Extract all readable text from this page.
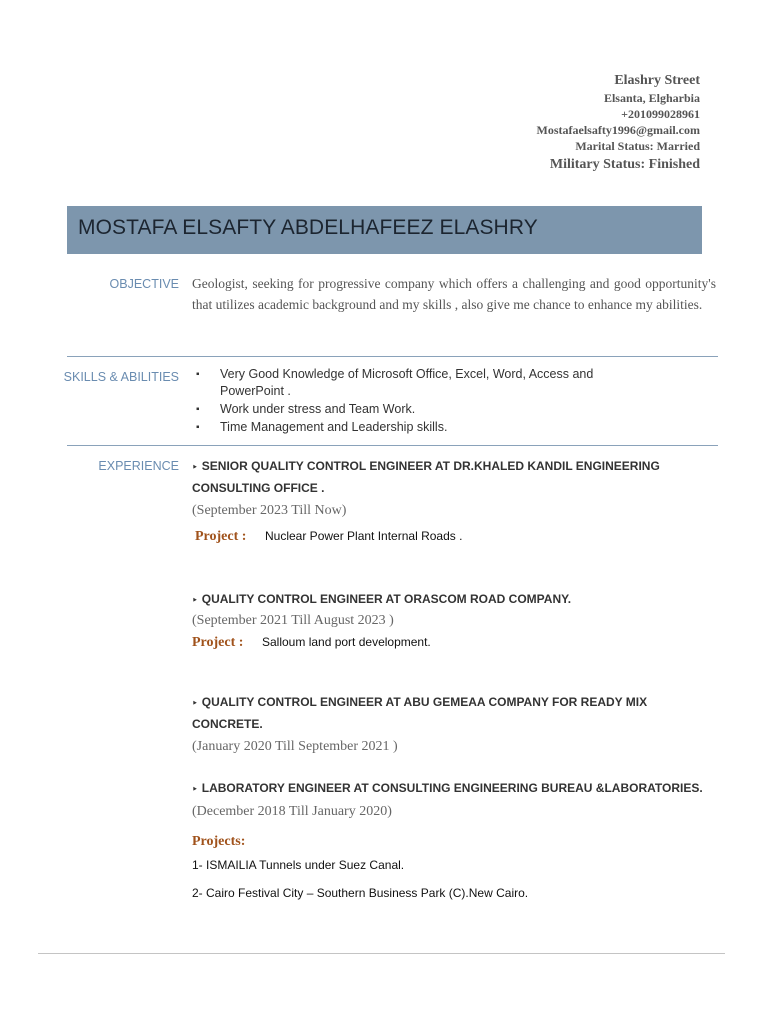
Elashry Street
Elsanta, Elgharbia
+201099028961
Mostafaelsafty1996@gmail.com
Marital Status: Married
Military Status: Finished
MOSTAFA ELSAFTY ABDELHAFEEZ ELASHRY
OBJECTIVE Geologist, seeking for progressive company which offers a challenging and good opportunity's that utilizes academic background and my skills , also give me chance to enhance my abilities.
SKILLS & ABILITIES ▪ Very Good Knowledge of Microsoft Office, Excel, Word, Access and PowerPoint .
▪ Work under stress and Team Work.
▪ Time Management and Leadership skills.
EXPERIENCE ‣ SENIOR QUALITY CONTROL ENGINEER AT DR.KHALED KANDIL ENGINEERING CONSULTING OFFICE .
(September 2023 Till Now)
Project : Nuclear Power Plant Internal Roads .
‣ QUALITY CONTROL ENGINEER AT ORASCOM ROAD COMPANY.
(September 2021 Till August 2023 )
Project : Salloum land port development.
‣ QUALITY CONTROL ENGINEER AT ABU GEMEAA COMPANY FOR READY MIX CONCRETE.
(January 2020 Till September 2021 )
‣ LABORATORY ENGINEER AT CONSULTING ENGINEERING BUREAU &LABORATORIES.
(December 2018 Till January 2020)
Projects:
1- ISMAILIA Tunnels under Suez Canal.
2- Cairo Festival City – Southern Business Park (C).New Cairo.
